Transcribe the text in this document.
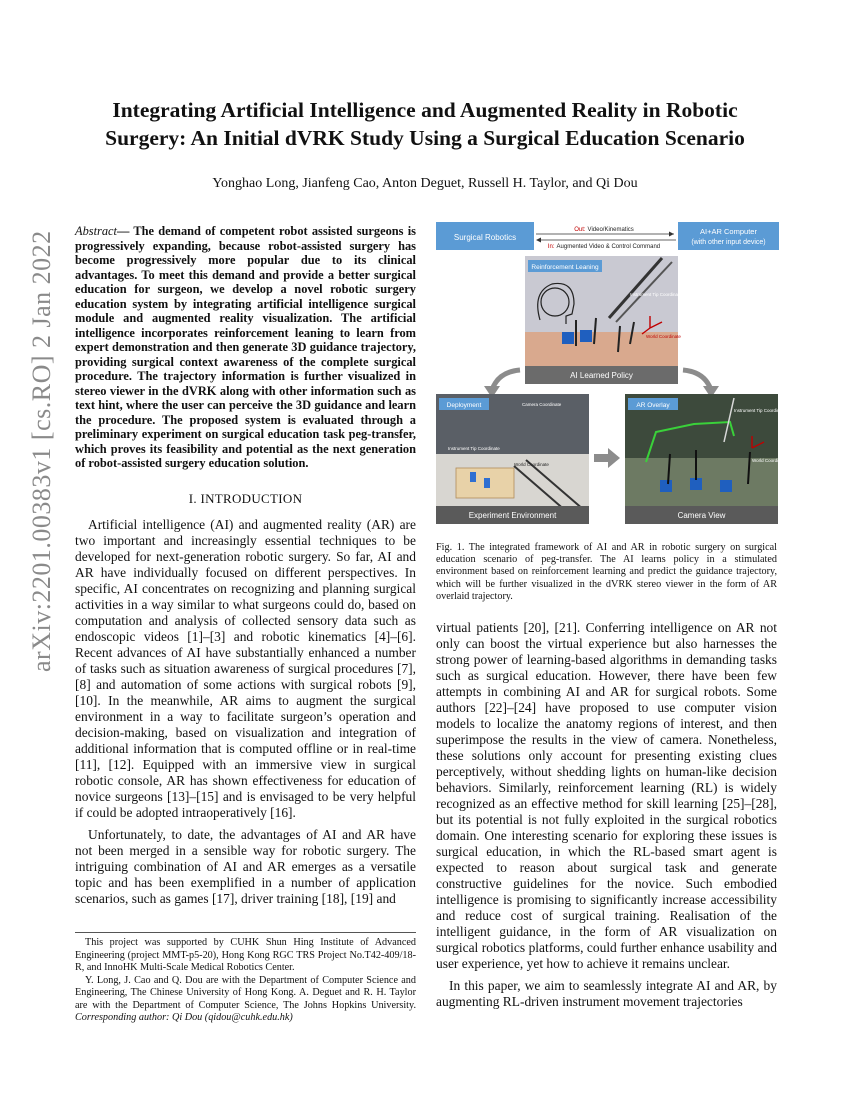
arXiv:2201.00383v1 [cs.RO] 2 Jan 2022
Integrating Artificial Intelligence and Augmented Reality in Robotic
Surgery: An Initial dVRK Study Using a Surgical Education Scenario
Yonghao Long, Jianfeng Cao, Anton Deguet, Russell H. Taylor, and Qi Dou

Abstract— The demand of competent robot assisted surgeons is progressively expanding, because robot-assisted surgery has become progressively more popular due to its clinical advantages. To meet this demand and provide a better surgical education for surgeon, we develop a novel robotic surgery education system by integrating artificial intelligence surgical module and augmented reality visualization. The artificial intelligence incorporates reinforcement leaning to learn from expert demonstration and then generate 3D guidance trajectory, providing surgical context awareness of the complete surgical procedure. The trajectory information is further visualized in stereo viewer in the dVRK along with other information such as text hint, where the user can perceive the 3D guidance and learn the procedure. The proposed system is evaluated through a preliminary experiment on surgical education task peg-transfer, which proves its feasibility and potential as the next generation of robot-assisted surgery education solution.

I. INTRODUCTION

Artificial intelligence (AI) and augmented reality (AR) are two important and increasingly essential techniques to be developed for next-generation robotic surgery. So far, AI and AR have individually focused on different perspectives. In specific, AI concentrates on recognizing and planning surgical activities in a way similar to what surgeons could do, based on computation and analysis of collected sensory data such as endoscopic videos [1]–[3] and robotic kinematics [4]–[6]. Recent advances of AI have substantially enhanced a number of tasks such as situation awareness of surgical procedures [7], [8] and automation of some actions with surgical robots [9], [10]. In the meanwhile, AR aims to augment the surgical environment in a way to facilitate surgeon’s operation and decision-making, based on visualization and integration of additional information that is computed offline or in real-time [11], [12]. Equipped with an immersive view in surgical robotic console, AR has shown effectiveness for education of novice surgeons [13]–[15] and is envisaged to be very helpful if could be adopted intraoperatively [16].

Unfortunately, to date, the advantages of AI and AR have not been merged in a sensible way for robotic surgery. The intriguing combination of AI and AR emerges as a versatile topic and has been exemplified in a number of application scenarios, such as games [17], driver training [18], [19] and

This project was supported by CUHK Shun Hing Institute of Advanced Engineering (project MMT-p5-20), Hong Kong RGC TRS Project No.T42-409/18-R, and InnoHK Multi-Scale Medical Robotics Center.

Y. Long, J. Cao and Q. Dou are with the Department of Computer Science and Engineering, The Chinese University of Hong Kong. A. Deguet and R. H. Taylor are with the Department of Computer Science, The Johns Hopkins University. Corresponding author: Qi Dou (qidou@cuhk.edu.hk)

Surgical Robotics
AI+AR Computer
(with other input device)
Out: Video/Kinematics
In: Augmented Video & Control Command
Reinforcement Leaning
Instrument Tip Coordinate
World Coordinate
AI Learned Policy
Deployment	Camera Coordinate
Instrument Tip Coordinate
World Coordinate
Experiment Environment
AR Overlay
Instrument Tip Coordinate
World Coordinate
Camera View
Fig. 1. The integrated framework of AI and AR in robotic surgery on surgical education scenario of peg-transfer. The AI learns policy in a stimulated environment based on reinforcement learning and predict the guidance trajectory, which will be further visualized in the dVRK stereo viewer in the form of AR overlaid trajectory.

virtual patients [20], [21]. Conferring intelligence on AR not only can boost the virtual experience but also harnesses the strong power of learning-based algorithms in demanding tasks such as surgical education. However, there have been few attempts in combining AI and AR for surgical robots. Some authors [22]–[24] have proposed to use computer vision models to localize the anatomy regions of interest, and then superimpose the results in the view of camera. Nonetheless, these solutions only account for presenting existing clues perceptively, without shedding lights on human-like decision behaviors. Similarly, reinforcement learning (RL) is widely recognized as an effective method for skill learning [25]–[28], but its potential is not fully exploited in the surgical robotics domain. One interesting scenario for exploring these issues is surgical education, in which the RL-based smart agent is expected to reason about surgical task and generate constructive guidelines for the novice. Such embodied intelligence is promising to significantly increase accessibility and reduce cost of surgical training. Realisation of the intelligent guidance, in the form of AR visualization on surgical robotics platforms, could further enhance usability and user experience, yet how to achieve it remains unclear.

In this paper, we aim to seamlessly integrate AI and AR, by augmenting RL-driven instrument movement trajectories
